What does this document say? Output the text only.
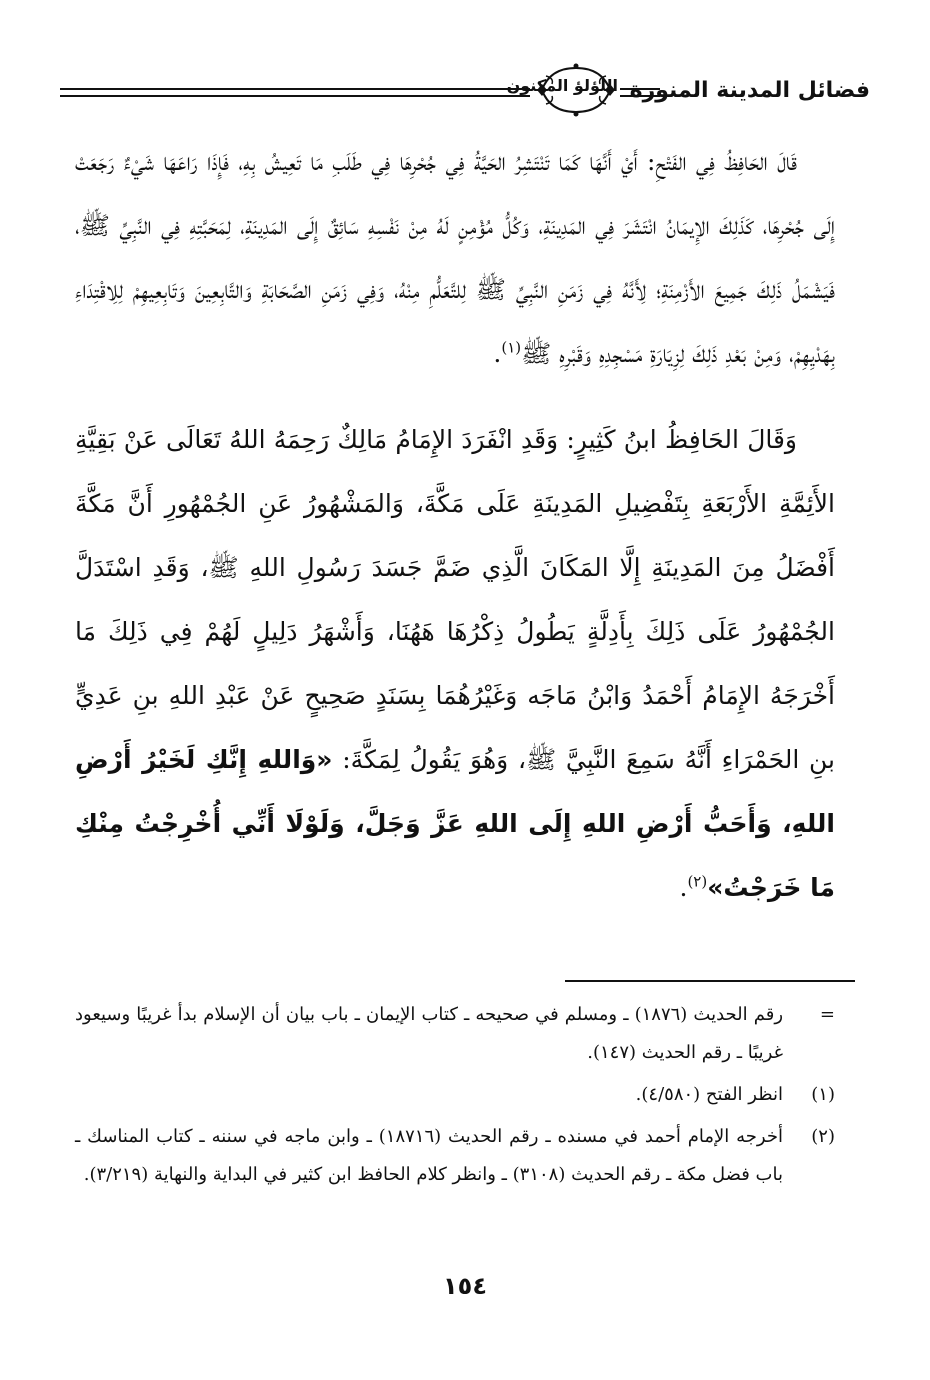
فضائل المدينة المنورة
اللؤلؤ المكنون

قَالَ الحَافِظُ فِي الفَتْحِ: أَيْ أَنَّهَا كَمَا تَنْتَشِرُ الحَيَّةُ فِي جُحْرِهَا فِي طَلَبِ مَا تَعِيشُ بِهِ، فَإِذَا رَاعَهَا شَيْءٌ رَجَعَتْ إِلَى جُحْرِهَا، كَذَلِكَ الإِيمَانُ انْتَشَرَ فِي المَدِينَةِ، وَكُلُّ مُؤْمِنٍ لَهُ مِنْ نَفْسِهِ سَائِقٌ إِلَى المَدِينَةِ، لِمَحَبَّتِهِ فِي النَّبِيِّ ﷺ، فَيَشْمَلُ ذَلِكَ جَمِيعَ الأَزْمِنَةِ؛ لِأَنَّهُ فِي زَمَنِ النَّبِيِّ ﷺ لِلتَّعَلُّمِ مِنْهُ، وَفِي زَمَنِ الصَّحَابَةِ وَالتَّابِعِينَ وَتَابِعِيهِمْ لِلِاقْتِدَاءِ بِهَدْيِهِمْ، وَمِنْ بَعْدِ ذَلِكَ لِزِيَارَةِ مَسْجِدِهِ وَقَبْرِهِ ﷺ$^{(١)}$.

وَقَالَ الحَافِظُ ابنُ كَثِيرٍ: وَقَدِ انْفَرَدَ الإِمَامُ مَالِكٌ رَحِمَهُ اللهُ تَعَالَى عَنْ بَقِيَّةِ الأَئِمَّةِ الأَرْبَعَةِ بِتَفْضِيلِ المَدِينَةِ عَلَى مَكَّةَ، وَالمَشْهُورُ عَنِ الجُمْهُورِ أَنَّ مَكَّةَ أَفْضَلُ مِنَ المَدِينَةِ إِلَّا المَكَانَ الَّذِي ضَمَّ جَسَدَ رَسُولِ اللهِ ﷺ، وَقَدِ اسْتَدَلَّ الجُمْهُورُ عَلَى ذَلِكَ بِأَدِلَّةٍ يَطُولُ ذِكْرُهَا هَهُنَا، وَأَشْهَرُ دَلِيلٍ لَهُمْ فِي ذَلِكَ مَا أَخْرَجَهُ الإِمَامُ أَحْمَدُ وَابْنُ مَاجَه وَغَيْرُهُمَا بِسَنَدٍ صَحِيحٍ عَنْ عَبْدِ اللهِ بنِ عَدِيٍّ بنِ الحَمْرَاءِ أَنَّهُ سَمِعَ النَّبِيَّ ﷺ، وَهُوَ يَقُولُ لِمَكَّةَ: «وَاللهِ إِنَّكِ لَخَيْرُ أَرْضِ اللهِ، وَأَحَبُّ أَرْضِ اللهِ إِلَى اللهِ عَزَّ وَجَلَّ، وَلَوْلَا أَنِّي أُخْرِجْتُ مِنْكِ مَا خَرَجْتُ»$^{(٢)}$.

=
رقم الحديث (١٨٧٦) ـ ومسلم في صحيحه ـ كتاب الإيمان ـ باب بيان أن الإسلام بدأ غريبًا وسيعود غريبًا ـ رقم الحديث (١٤٧).

(١)
انظر الفتح (٤/٥٨٠).

(٢)
أخرجه الإمام أحمد في مسنده ـ رقم الحديث (١٨٧١٦) ـ وابن ماجه في سننه ـ كتاب المناسك ـ باب فضل مكة ـ رقم الحديث (٣١٠٨) ـ وانظر كلام الحافظ ابن كثير في البداية والنهاية (٣/٢١٩).

١٥٤
